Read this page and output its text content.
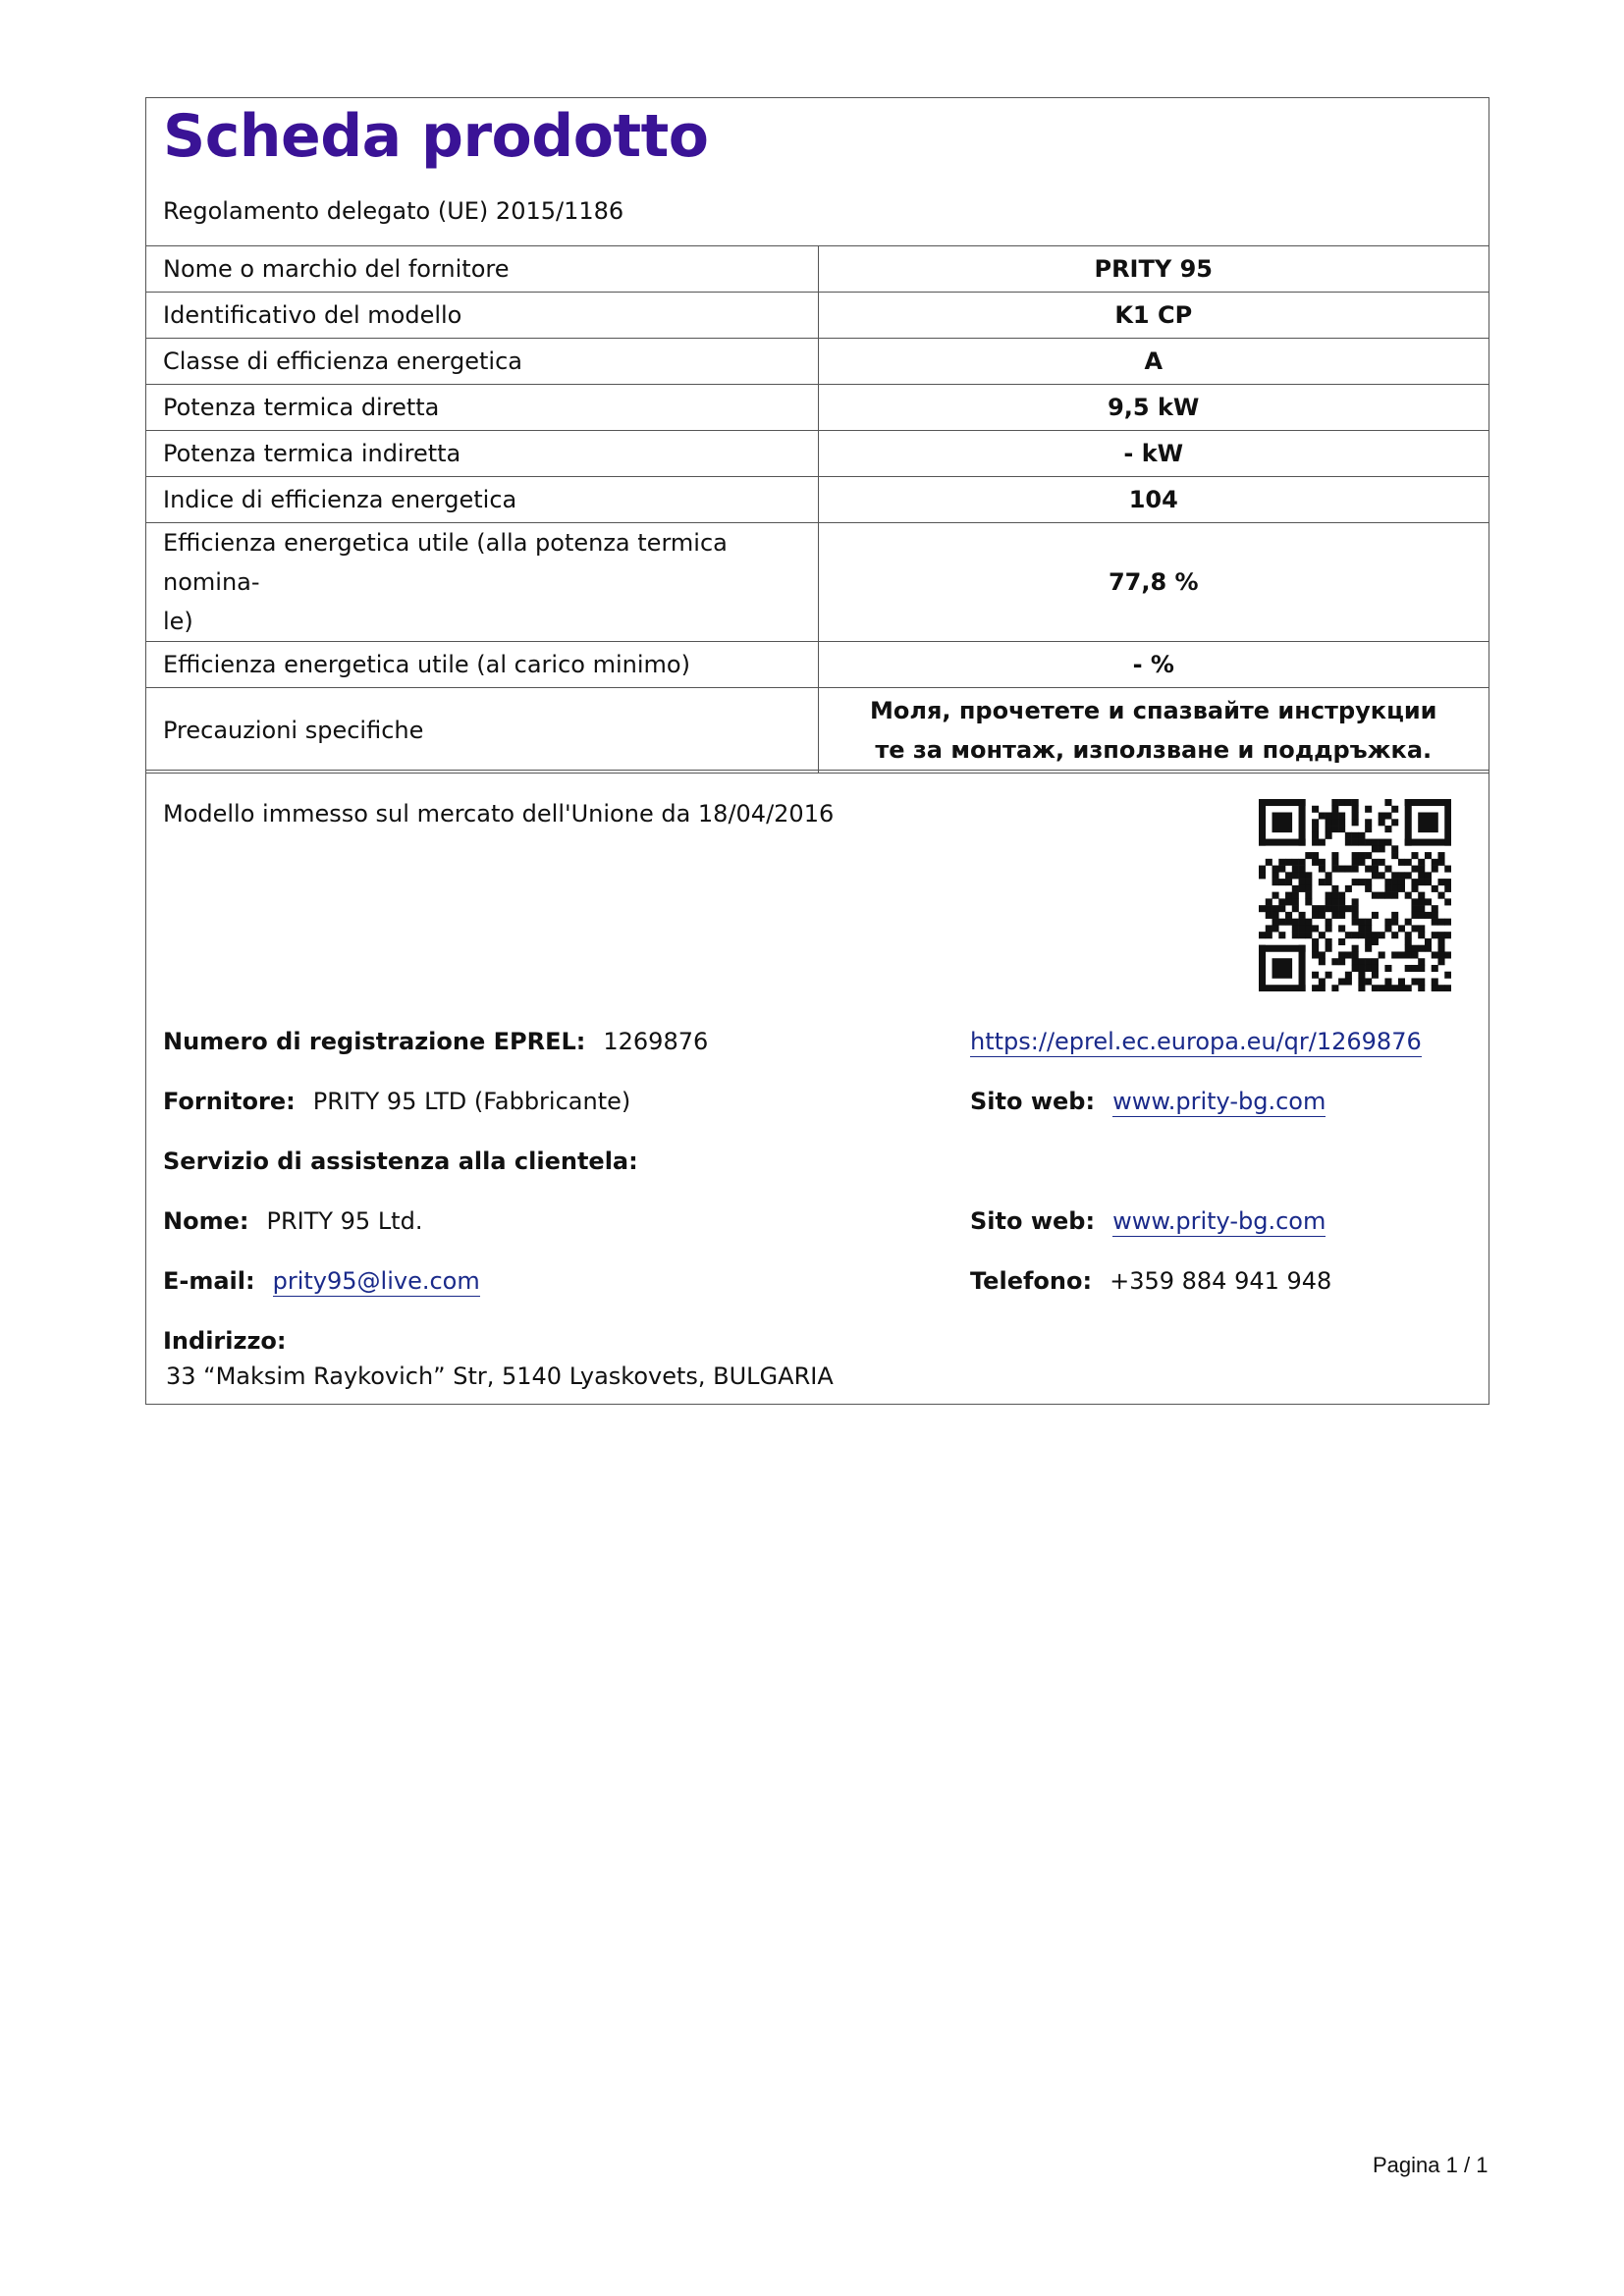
Scheda prodotto
Regolamento delegato (UE) 2015/1186
Nome o marchio del fornitore	PRITY 95
Identificativo del modello	K1 CP
Classe di efficienza energetica	A
Potenza termica diretta	9,5 kW
Potenza termica indiretta	- kW
Indice di efficienza energetica	104

Efficienza energetica utile (alla potenza termica nomina-
le)	77,8 %
Efficienza energetica utile (al carico minimo)	- %
Precauzioni specifiche	Моля, прочетете и спазвайте инструкции
те за монтаж, използване и поддръжка.
Modello immesso sul mercato dell'Unione da 18/04/2016
Numero di registrazione EPREL: 1269876	https://eprel.ec.europa.eu/qr/1269876
Fornitore: PRITY 95 LTD (Fabbricante)	Sito web: www.prity-bg.com
Servizio di assistenza alla clientela:
Nome: PRITY 95 Ltd.	Sito web: www.prity-bg.com
E-mail: prity95@live.com	Telefono: +359 884 941 948
Indirizzo:
33 “Maksim Raykovich” Str, 5140 Lyaskovets, BULGARIA
Pagina 1 / 1
